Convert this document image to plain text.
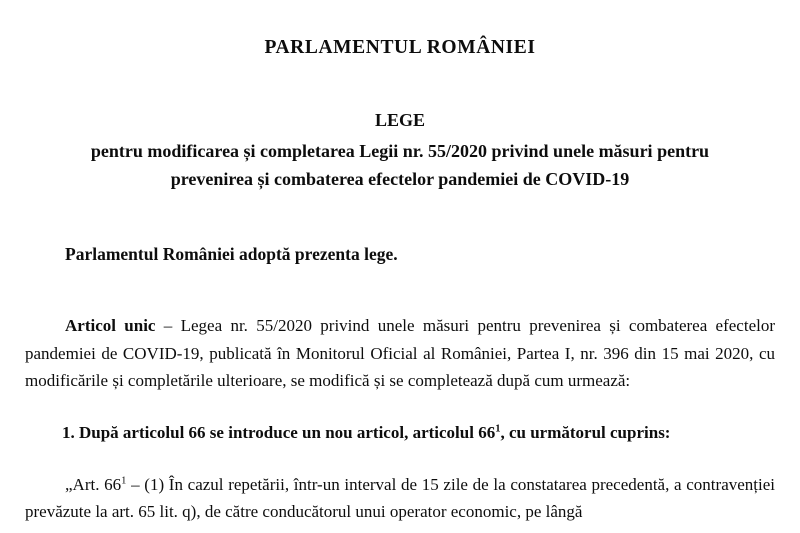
PARLAMENTUL ROMÂNIEI
LEGE
pentru modificarea și completarea Legii nr. 55/2020 privind unele măsuri pentru
prevenirea și combaterea efectelor pandemiei de COVID-19

Parlamentul României adoptă prezenta lege.

Articol unic – Legea nr. 55/2020 privind unele măsuri pentru prevenirea și combaterea efectelor pandemiei de COVID-19, publicată în Monitorul Oficial al României, Partea I, nr. 396 din 15 mai 2020, cu modificările și completările ulterioare, se modifică și se completează după cum urmează:

1. După articolul 66 se introduce un nou articol, articolul $66^1$, cu următorul cuprins:

„Art. $66^1 - (1)$ În cazul repetării, într-un interval de 15 zile de la constatarea precedentă, a contravenției prevăzute la art. 65 lit. q), de către conducătorul unui operator economic, pe lângă
